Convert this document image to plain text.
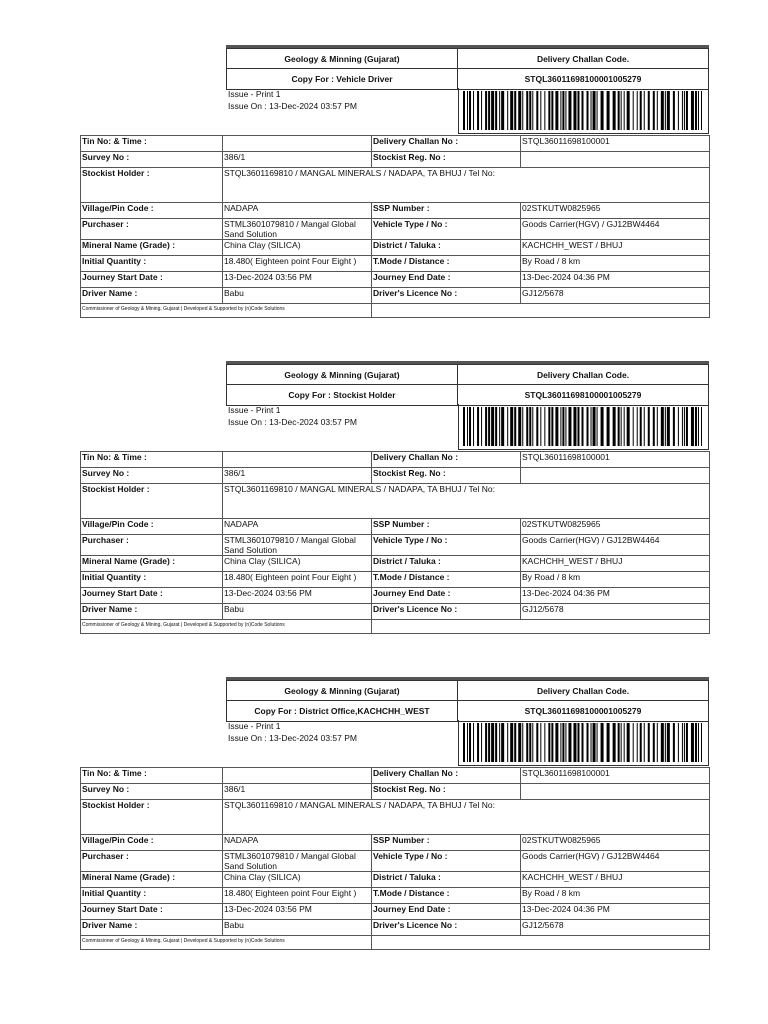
Geology & Minning (Gujarat)	Delivery Challan Code.
Copy For : Vehicle Driver	STQL36011698100001005279
Issue - Print 1
Issue On : 13-Dec-2024 03:57 PM
Tin No: & Time :		Delivery Challan No :	STQL36011698100001
Survey No :	386/1	Stockist Reg. No :	
Stockist Holder :	STQL3601169810 / MANGAL MINERALS / NADAPA, TA BHUJ / Tel No:		
Village/Pin Code :	NADAPA	SSP Number :	02STKUTW0825965
Purchaser :	STML3601079810 / Mangal Global Sand Solution	Vehicle Type / No :	Goods Carrier(HGV) / GJ12BW4464
Mineral Name (Grade) :	China Clay (SILICA)	District / Taluka :	KACHCHH_WEST / BHUJ
Initial Quantity :	18.480( Eighteen point Four Eight )	T.Mode / Distance :	By Road / 8 km
Journey Start Date :	13-Dec-2024 03:56 PM	Journey End Date :	13-Dec-2024 04:36 PM
Driver Name :	Babu	Driver's Licence No :	GJ12/5678
Commissioner of Geology & Mining, Gujarat | Developed & Supported by (n)Code Solutions			
Geology & Minning (Gujarat)	Delivery Challan Code.
Copy For : Stockist Holder	STQL36011698100001005279
Issue - Print 1
Issue On : 13-Dec-2024 03:57 PM
Tin No: & Time :		Delivery Challan No :	STQL36011698100001
Survey No :	386/1	Stockist Reg. No :	
Stockist Holder :	STQL3601169810 / MANGAL MINERALS / NADAPA, TA BHUJ / Tel No:		
Village/Pin Code :	NADAPA	SSP Number :	02STKUTW0825965
Purchaser :	STML3601079810 / Mangal Global Sand Solution	Vehicle Type / No :	Goods Carrier(HGV) / GJ12BW4464
Mineral Name (Grade) :	China Clay (SILICA)	District / Taluka :	KACHCHH_WEST / BHUJ
Initial Quantity :	18.480( Eighteen point Four Eight )	T.Mode / Distance :	By Road / 8 km
Journey Start Date :	13-Dec-2024 03:56 PM	Journey End Date :	13-Dec-2024 04:36 PM
Driver Name :	Babu	Driver's Licence No :	GJ12/5678
Commissioner of Geology & Mining, Gujarat | Developed & Supported by (n)Code Solutions			
Geology & Minning (Gujarat)	Delivery Challan Code.
Copy For : District Office,KACHCHH_WEST	STQL36011698100001005279
Issue - Print 1
Issue On : 13-Dec-2024 03:57 PM
Tin No: & Time :		Delivery Challan No :	STQL36011698100001
Survey No :	386/1	Stockist Reg. No :	
Stockist Holder :	STQL3601169810 / MANGAL MINERALS / NADAPA, TA BHUJ / Tel No:		
Village/Pin Code :	NADAPA	SSP Number :	02STKUTW0825965
Purchaser :	STML3601079810 / Mangal Global Sand Solution	Vehicle Type / No :	Goods Carrier(HGV) / GJ12BW4464
Mineral Name (Grade) :	China Clay (SILICA)	District / Taluka :	KACHCHH_WEST / BHUJ
Initial Quantity :	18.480( Eighteen point Four Eight )	T.Mode / Distance :	By Road / 8 km
Journey Start Date :	13-Dec-2024 03:56 PM	Journey End Date :	13-Dec-2024 04:36 PM
Driver Name :	Babu	Driver's Licence No :	GJ12/5678
Commissioner of Geology & Mining, Gujarat | Developed & Supported by (n)Code Solutions			
